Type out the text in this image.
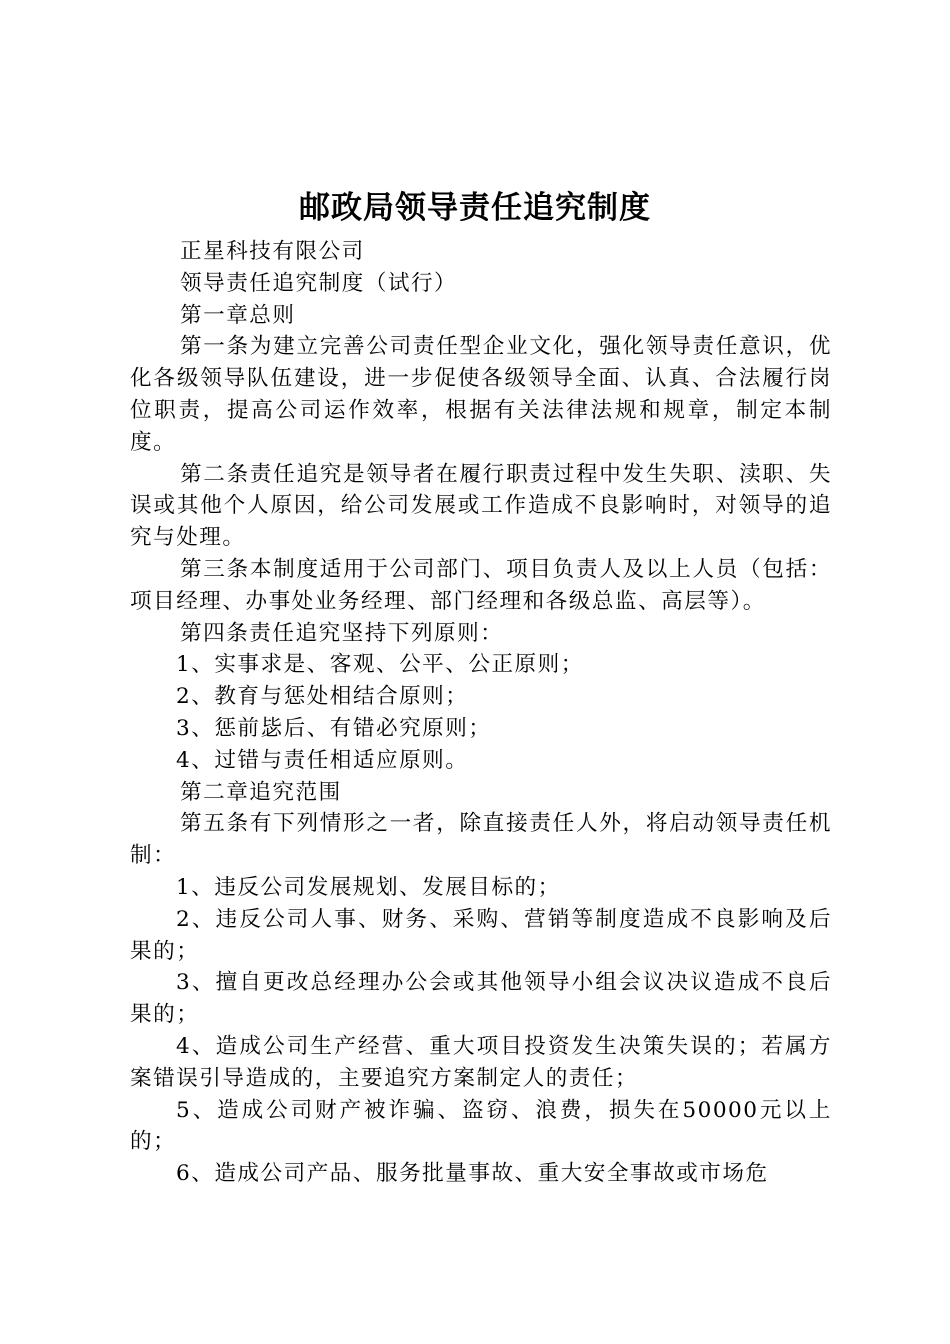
邮政局领导责任追究制度

正星科技有限公司

领导责任追究制度（试行）

第一章总则

第一条为建立完善公司责任型企业文化，强化领导责任意识，优化各级领导队伍建设，进一步促使各级领导全面、认真、合法履行岗位职责，提高公司运作效率，根据有关法律法规和规章，制定本制度。

第二条责任追究是领导者在履行职责过程中发生失职、渎职、失误或其他个人原因，给公司发展或工作造成不良影响时，对领导的追究与处理。

第三条本制度适用于公司部门、项目负责人及以上人员（包括：项目经理、办事处业务经理、部门经理和各级总监、高层等）。

第四条责任追究坚持下列原则：

1、实事求是、客观、公平、公正原则；

2、教育与惩处相结合原则；

3、惩前毖后、有错必究原则；

4、过错与责任相适应原则。

第二章追究范围

第五条有下列情形之一者，除直接责任人外，将启动领导责任机制：

1、违反公司发展规划、发展目标的；

2、违反公司人事、财务、采购、营销等制度造成不良影响及后果的；

3、擅自更改总经理办公会或其他领导小组会议决议造成不良后果的；

4、造成公司生产经营、重大项目投资发生决策失误的；若属方案错误引导造成的，主要追究方案制定人的责任；

5、造成公司财产被诈骗、盗窃、浪费，损失在50000元以上的；

6、造成公司产品、服务批量事故、重大安全事故或市场危
